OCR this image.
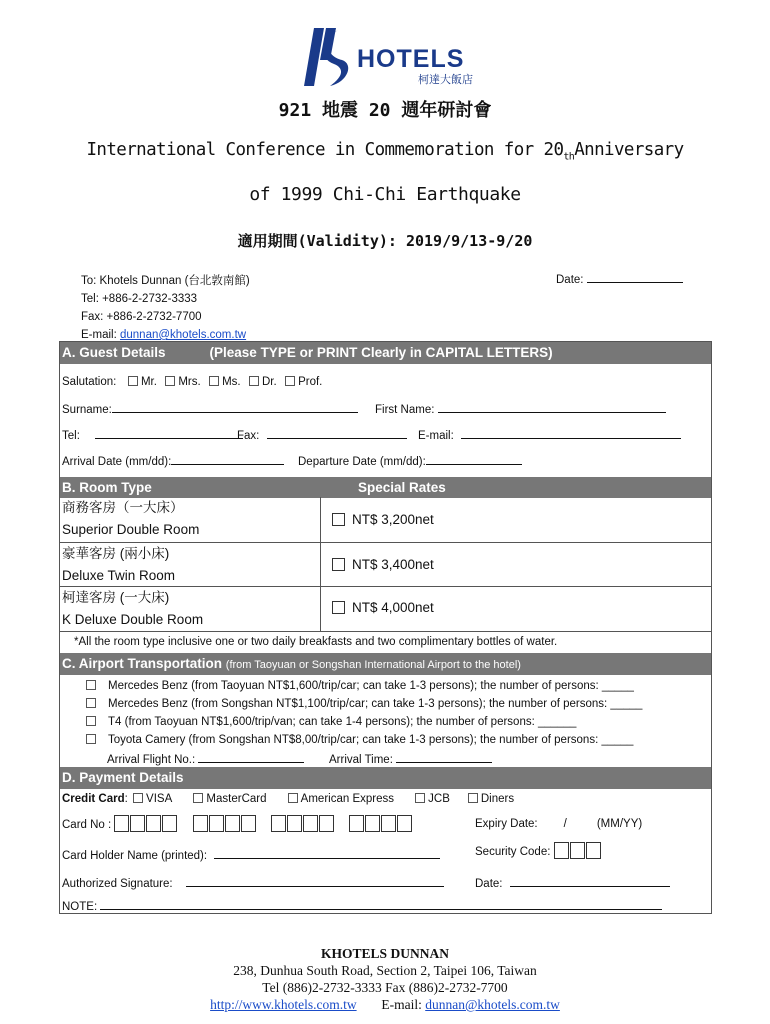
HOTELS
柯達大飯店
921 地震 20 週年研討會
International Conference in Commemoration for 20thAnniversary
of 1999 Chi-Chi Earthquake
適用期間(Validity): 2019/9/13-9/20
To: Khotels Dunnan (台北敦南館)
Tel: +886-2-2732-3333
Fax: +886-2-2732-7700
E-mail: dunnan@khotels.com.tw
Date:
A. Guest Details	(Please TYPE or PRINT Clearly in CAPITAL LETTERS)
Salutation: Mr. Mrs. Ms. Dr. Prof.
Surname:	First Name:
Tel:	Fax:	E-mail:
Arrival Date (mm/dd):	Departure Date (mm/dd):
B. Room Type	Special Rates
商務客房（一大床）
Superior Double Room
NT$ 3,200net
豪華客房 (兩小床)
Deluxe Twin Room
NT$ 3,400net
柯達客房 (一大床)
K Deluxe Double Room
NT$ 4,000net
*All the room type inclusive one or two daily breakfasts and two complimentary bottles of water.
C. Airport Transportation (from Taoyuan or Songshan International Airport to the hotel)
Mercedes Benz (from Taoyuan NT$1,600/trip/car; can take 1-3 persons); the number of persons: _____
Mercedes Benz (from Songshan NT$1,100/trip/car; can take 1-3 persons); the number of persons: _____
T4 (from Taoyuan NT$1,600/trip/van; can take 1-4 persons); the number of persons: ______
Toyota Camery (from Songshan NT$8,00/trip/car; can take 1-3 persons); the number of persons: _____
Arrival Flight No.:	Arrival Time:
D. Payment Details
Credit Card: VISA	MasterCard	American Express	JCB	Diners
Card No :	Expiry Date: /	(MM/YY)
Card Holder Name (printed):	Security Code:
Authorized Signature:	Date:
NOTE:
KHOTELS DUNNAN
238, Dunhua South Road, Section 2, Taipei 106, Taiwan
Tel (886)2-2732-3333 Fax (886)2-2732-7700
http://www.khotels.com.tw E-mail: dunnan@khotels.com.tw
